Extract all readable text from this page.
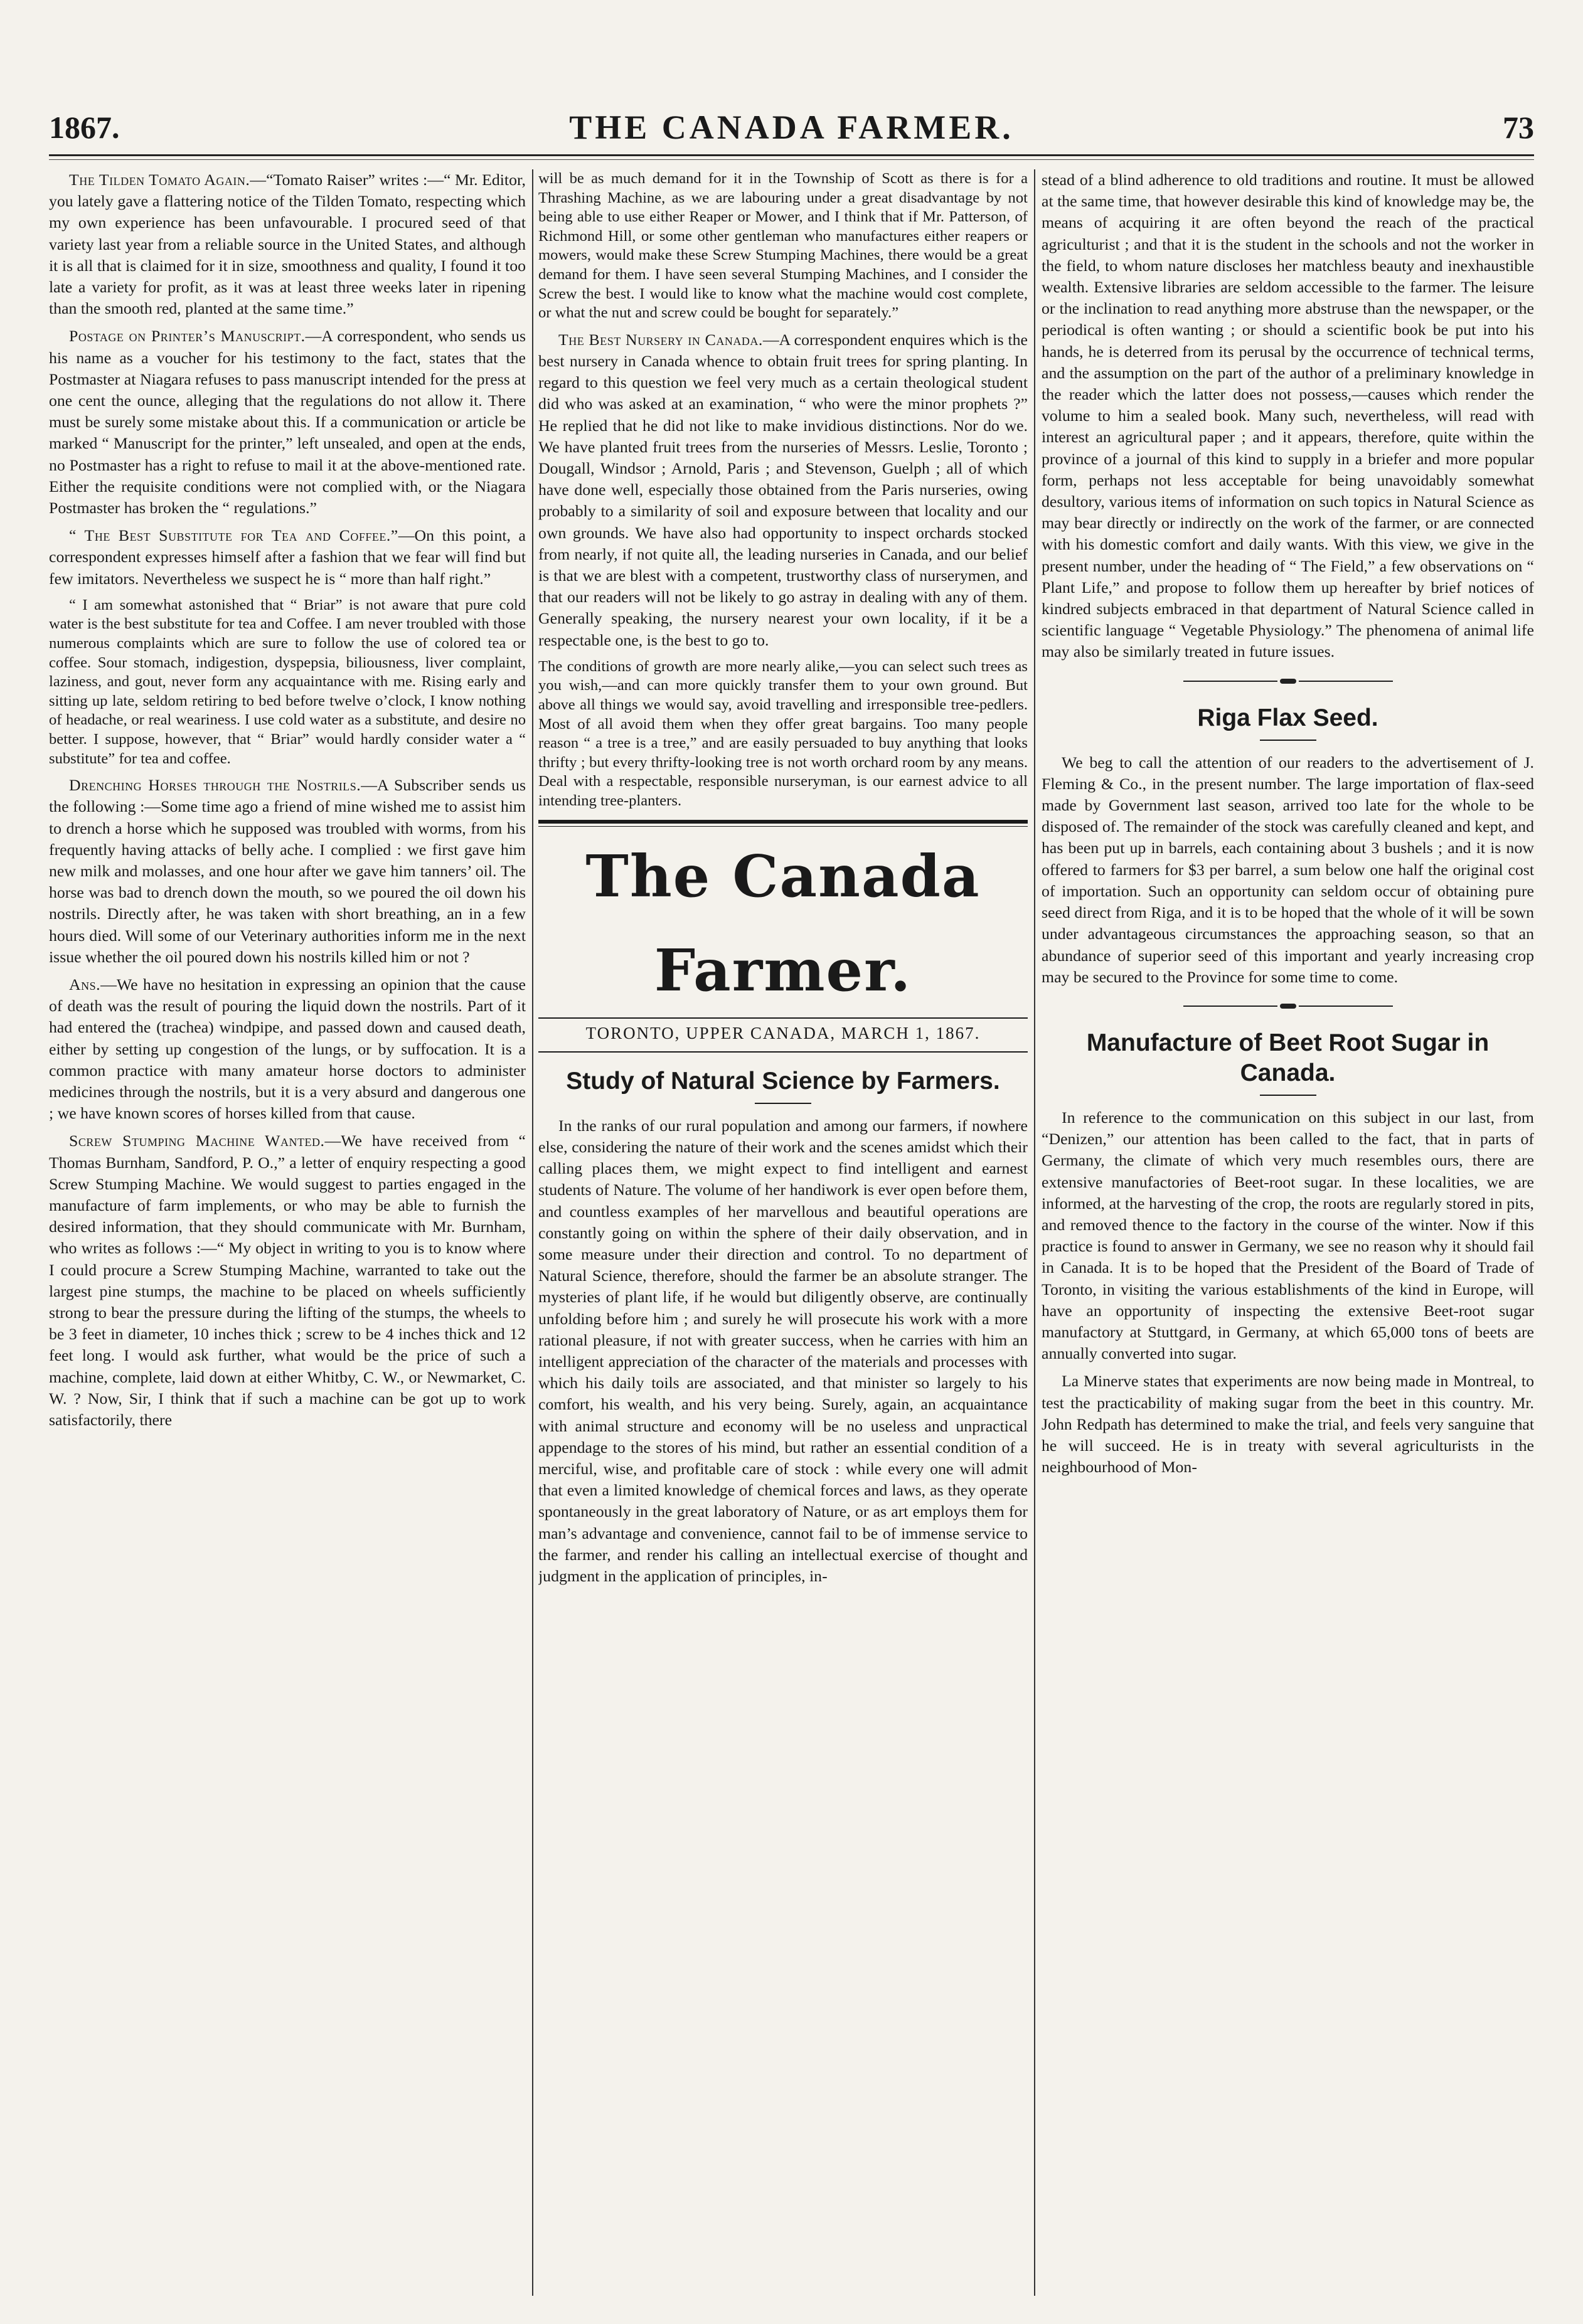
1867.	THE CANADA FARMER.	73

The Tilden Tomato Again.—“Tomato Raiser” writes :—“ Mr. Editor, you lately gave a flattering notice of the Tilden Tomato, respecting which my own experience has been unfavourable. I procured seed of that variety last year from a reliable source in the United States, and although it is all that is claimed for it in size, smoothness and quality, I found it too late a variety for profit, as it was at least three weeks later in ripening than the smooth red, planted at the same time.”

Postage on Printer’s Manuscript.—A correspondent, who sends us his name as a voucher for his testimony to the fact, states that the Postmaster at Niagara refuses to pass manuscript intended for the press at one cent the ounce, alleging that the regulations do not allow it. There must be surely some mistake about this. If a communication or article be marked “ Manuscript for the printer,” left unsealed, and open at the ends, no Postmaster has a right to refuse to mail it at the above-mentioned rate. Either the requisite conditions were not complied with, or the Niagara Postmaster has broken the “ regulations.”

“ The Best Substitute for Tea and Coffee.”—On this point, a correspondent expresses himself after a fashion that we fear will find but few imitators. Nevertheless we suspect he is “ more than half right.”

“ I am somewhat astonished that “ Briar” is not aware that pure cold water is the best substitute for tea and Coffee. I am never troubled with those numerous complaints which are sure to follow the use of colored tea or coffee. Sour stomach, indigestion, dyspepsia, biliousness, liver complaint, laziness, and gout, never form any acquaintance with me. Rising early and sitting up late, seldom retiring to bed before twelve o’clock, I know nothing of headache, or real weariness. I use cold water as a substitute, and desire no better. I suppose, however, that “ Briar” would hardly consider water a “ substitute” for tea and coffee.

Drenching Horses through the Nostrils.—A Subscriber sends us the following :—Some time ago a friend of mine wished me to assist him to drench a horse which he supposed was troubled with worms, from his frequently having attacks of belly ache. I complied : we first gave him new milk and molasses, and one hour after we gave him tanners’ oil. The horse was bad to drench down the mouth, so we poured the oil down his nostrils. Directly after, he was taken with short breathing, an in a few hours died. Will some of our Veterinary authorities inform me in the next issue whether the oil poured down his nostrils killed him or not ?

Ans.—We have no hesitation in expressing an opinion that the cause of death was the result of pouring the liquid down the nostrils. Part of it had entered the (trachea) windpipe, and passed down and caused death, either by setting up congestion of the lungs, or by suffocation. It is a common practice with many amateur horse doctors to administer medicines through the nostrils, but it is a very absurd and dangerous one ; we have known scores of horses killed from that cause.

Screw Stumping Machine Wanted.—We have received from “ Thomas Burnham, Sandford, P. O.,” a letter of enquiry respecting a good Screw Stumping Machine. We would suggest to parties engaged in the manufacture of farm implements, or who may be able to furnish the desired information, that they should communicate with Mr. Burnham, who writes as follows :—“ My object in writing to you is to know where I could procure a Screw Stumping Machine, warranted to take out the largest pine stumps, the machine to be placed on wheels sufficiently strong to bear the pressure during the lifting of the stumps, the wheels to be 3 feet in diameter, 10 inches thick ; screw to be 4 inches thick and 12 feet long. I would ask further, what would be the price of such a machine, complete, laid down at either Whitby, C. W., or Newmarket, C. W. ? Now, Sir, I think that if such a machine can be got up to work satisfactorily, there

will be as much demand for it in the Township of Scott as there is for a Thrashing Machine, as we are labouring under a great disadvantage by not being able to use either Reaper or Mower, and I think that if Mr. Patterson, of Richmond Hill, or some other gentleman who manufactures either reapers or mowers, would make these Screw Stumping Machines, there would be a great demand for them. I have seen several Stumping Machines, and I consider the Screw the best. I would like to know what the machine would cost complete, or what the nut and screw could be bought for separately.”

The Best Nursery in Canada.—A correspondent enquires which is the best nursery in Canada whence to obtain fruit trees for spring planting. In regard to this question we feel very much as a certain theological student did who was asked at an examination, “ who were the minor prophets ?” He replied that he did not like to make invidious distinctions. Nor do we. We have planted fruit trees from the nurseries of Messrs. Leslie, Toronto ; Dougall, Windsor ; Arnold, Paris ; and Stevenson, Guelph ; all of which have done well, especially those obtained from the Paris nurseries, owing probably to a similarity of soil and exposure between that locality and our own grounds. We have also had opportunity to inspect orchards stocked from nearly, if not quite all, the leading nurseries in Canada, and our belief is that we are blest with a competent, trustworthy class of nurserymen, and that our readers will not be likely to go astray in dealing with any of them. Generally speaking, the nursery nearest your own locality, if it be a respectable one, is the best to go to.

The conditions of growth are more nearly alike,—you can select such trees as you wish,—and can more quickly transfer them to your own ground. But above all things we would say, avoid travelling and irresponsible tree-pedlers. Most of all avoid them when they offer great bargains. Too many people reason “ a tree is a tree,” and are easily persuaded to buy anything that looks thrifty ; but every thrifty-looking tree is not worth orchard room by any means. Deal with a respectable, responsible nurseryman, is our earnest advice to all intending tree-planters.

The Canada Farmer.
TORONTO, UPPER CANADA, MARCH 1, 1867.
Study of Natural Science by Farmers.

In the ranks of our rural population and among our farmers, if nowhere else, considering the nature of their work and the scenes amidst which their calling places them, we might expect to find intelligent and earnest students of Nature. The volume of her handiwork is ever open before them, and countless examples of her marvellous and beautiful operations are constantly going on within the sphere of their daily observation, and in some measure under their direction and control. To no department of Natural Science, therefore, should the farmer be an absolute stranger. The mysteries of plant life, if he would but diligently observe, are continually unfolding before him ; and surely he will prosecute his work with a more rational pleasure, if not with greater success, when he carries with him an intelligent appreciation of the character of the materials and processes with which his daily toils are associated, and that minister so largely to his comfort, his wealth, and his very being. Surely, again, an acquaintance with animal structure and economy will be no useless and unpractical appendage to the stores of his mind, but rather an essential condition of a merciful, wise, and profitable care of stock : while every one will admit that even a limited knowledge of chemical forces and laws, as they operate spontaneously in the great laboratory of Nature, or as art employs them for man’s advantage and convenience, cannot fail to be of immense service to the farmer, and render his calling an intellectual exercise of thought and judgment in the application of principles, in-

stead of a blind adherence to old traditions and routine. It must be allowed at the same time, that however desirable this kind of knowledge may be, the means of acquiring it are often beyond the reach of the practical agriculturist ; and that it is the student in the schools and not the worker in the field, to whom nature discloses her matchless beauty and inexhaustible wealth. Extensive libraries are seldom accessible to the farmer. The leisure or the inclination to read anything more abstruse than the newspaper, or the periodical is often wanting ; or should a scientific book be put into his hands, he is deterred from its perusal by the occurrence of technical terms, and the assumption on the part of the author of a preliminary knowledge in the reader which the latter does not possess,—causes which render the volume to him a sealed book. Many such, nevertheless, will read with interest an agricultural paper ; and it appears, therefore, quite within the province of a journal of this kind to supply in a briefer and more popular form, perhaps not less acceptable for being unavoidably somewhat desultory, various items of information on such topics in Natural Science as may bear directly or indirectly on the work of the farmer, or are connected with his domestic comfort and daily wants. With this view, we give in the present number, under the heading of “ The Field,” a few observations on “ Plant Life,” and propose to follow them up hereafter by brief notices of kindred subjects embraced in that department of Natural Science called in scientific language “ Vegetable Physiology.” The phenomena of animal life may also be similarly treated in future issues.

Riga Flax Seed.

We beg to call the attention of our readers to the advertisement of J. Fleming & Co., in the present number. The large importation of flax-seed made by Government last season, arrived too late for the whole to be disposed of. The remainder of the stock was carefully cleaned and kept, and has been put up in barrels, each containing about 3 bushels ; and it is now offered to farmers for $3 per barrel, a sum below one half the original cost of importation. Such an opportunity can seldom occur of obtaining pure seed direct from Riga, and it is to be hoped that the whole of it will be sown under advantageous circumstances the approaching season, so that an abundance of superior seed of this important and yearly increasing crop may be secured to the Province for some time to come.

Manufacture of Beet Root Sugar in Canada.

In reference to the communication on this subject in our last, from “Denizen,” our attention has been called to the fact, that in parts of Germany, the climate of which very much resembles ours, there are extensive manufactories of Beet-root sugar. In these localities, we are informed, at the harvesting of the crop, the roots are regularly stored in pits, and removed thence to the factory in the course of the winter. Now if this practice is found to answer in Germany, we see no reason why it should fail in Canada. It is to be hoped that the President of the Board of Trade of Toronto, in visiting the various establishments of the kind in Europe, will have an opportunity of inspecting the extensive Beet-root sugar manufactory at Stuttgard, in Germany, at which 65,000 tons of beets are annually converted into sugar.

La Minerve states that experiments are now being made in Montreal, to test the practicability of making sugar from the beet in this country. Mr. John Redpath has determined to make the trial, and feels very sanguine that he will succeed. He is in treaty with several agriculturists in the neighbourhood of Mon-
